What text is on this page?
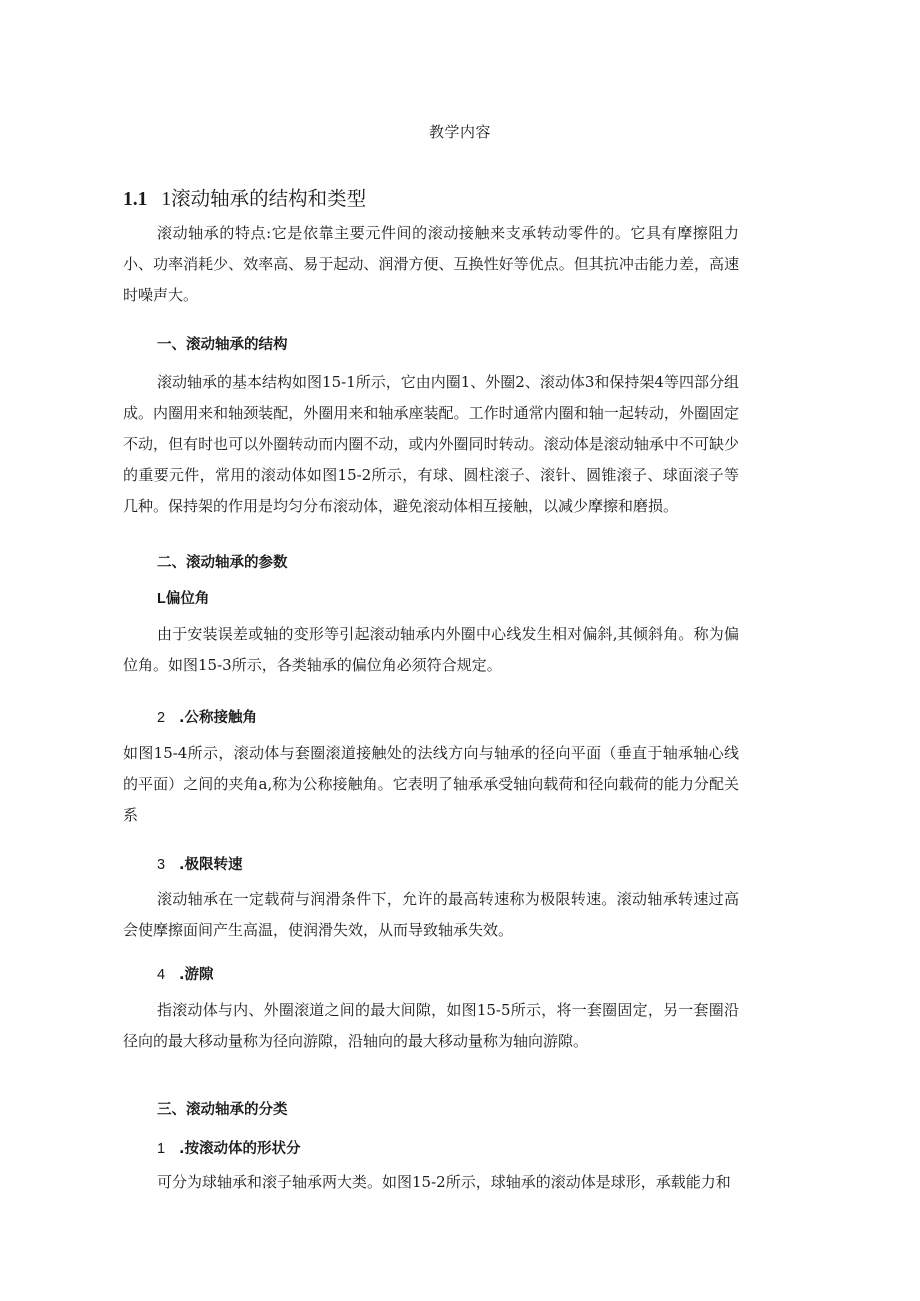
教学内容
1.1 1滚动轴承的结构和类型

滚动轴承的特点:它是依靠主要元件间的滚动接触来支承转动零件的。它具有摩擦阻力小、功率消耗少、效率高、易于起动、润滑方便、互换性好等优点。但其抗冲击能力差，高速时噪声大。

一、滚动轴承的结构

滚动轴承的基本结构如图15-1所示，它由内圈1、外圈2、滚动体3和保持架4等四部分组成。内圈用来和轴颈装配，外圈用来和轴承座装配。工作时通常内圈和轴一起转动，外圈固定不动，但有时也可以外圈转动而内圈不动，或内外圈同时转动。滚动体是滚动轴承中不可缺少的重要元件，常用的滚动体如图15-2所示，有球、圆柱滚子、滚针、圆锥滚子、球面滚子等几种。保持架的作用是均匀分布滚动体，避免滚动体相互接触，以减少摩擦和磨损。

二、滚动轴承的参数
L偏位角

由于安装误差或轴的变形等引起滚动轴承内外圈中心线发生相对偏斜,其倾斜角。称为偏位角。如图15-3所示，各类轴承的偏位角必须符合规定。

2 .公称接触角

如图15-4所示，滚动体与套圈滚道接触处的法线方向与轴承的径向平面（垂直于轴承轴心线的平面）之间的夹角a,称为公称接触角。它表明了轴承承受轴向载荷和径向载荷的能力分配关系

3 .极限转速

滚动轴承在一定载荷与润滑条件下，允许的最高转速称为极限转速。滚动轴承转速过高会使摩擦面间产生高温，使润滑失效，从而导致轴承失效。

4 .游隙

指滚动体与内、外圈滚道之间的最大间隙，如图15-5所示，将一套圈固定，另一套圈沿径向的最大移动量称为径向游隙，沿轴向的最大移动量称为轴向游隙。

三、滚动轴承的分类
1 .按滚动体的形状分

可分为球轴承和滚子轴承两大类。如图15-2所示，球轴承的滚动体是球形，承载能力和
